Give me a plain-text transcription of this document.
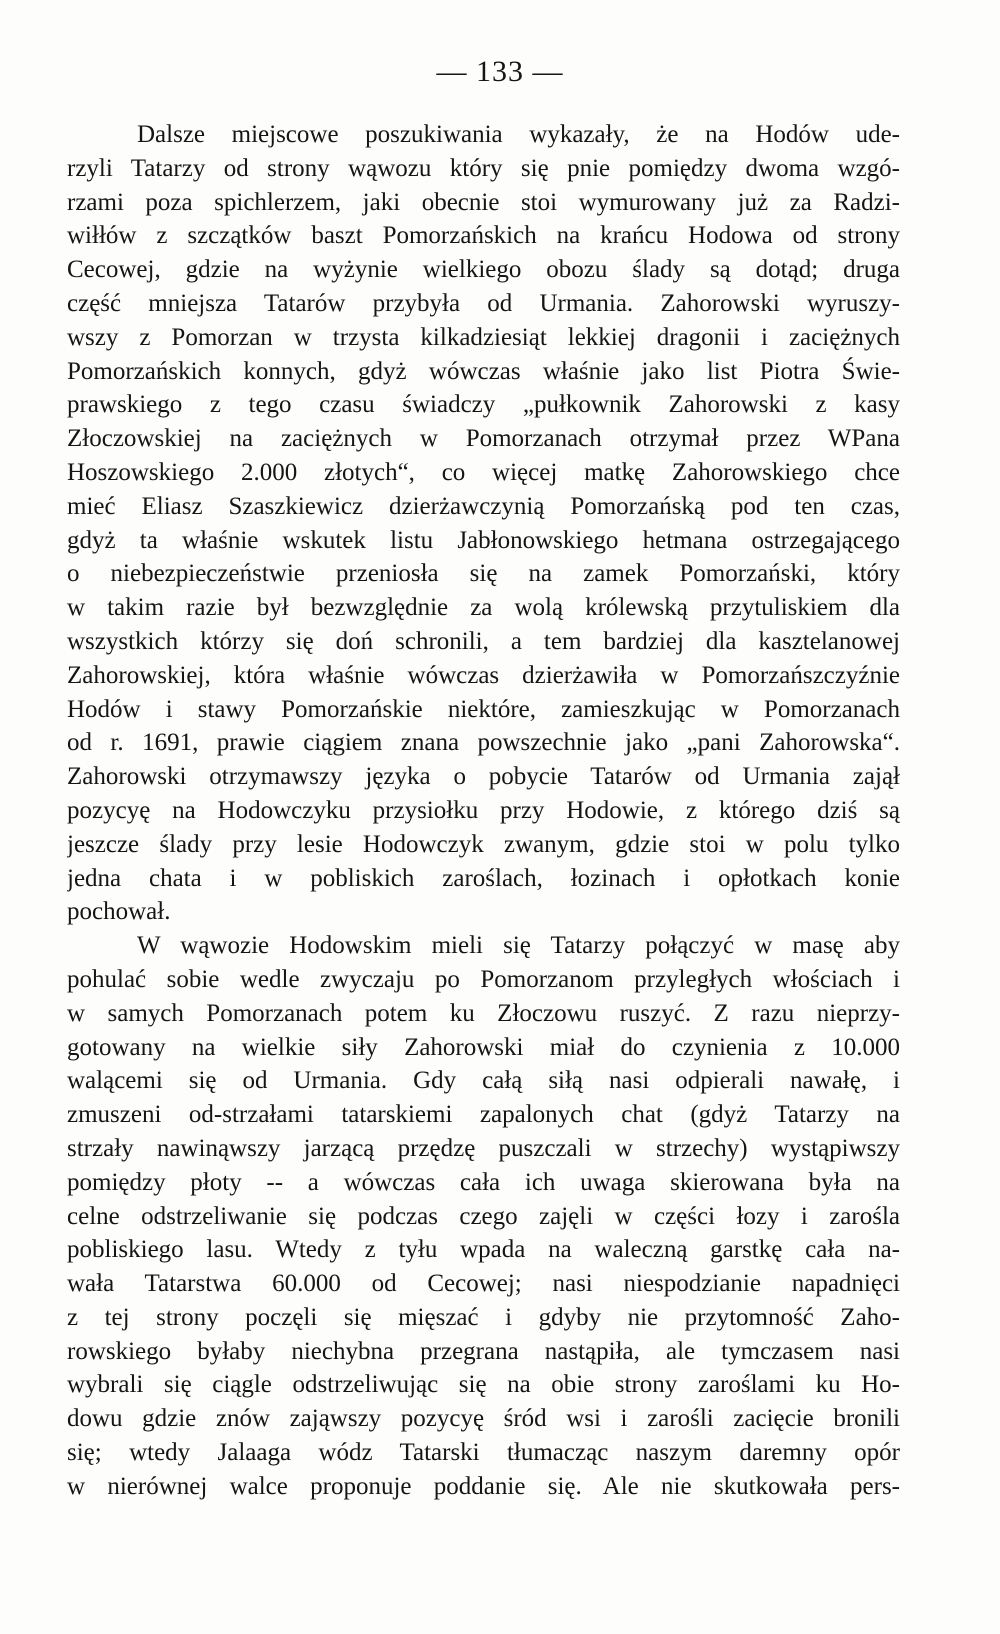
— 133 —
Dalsze miejscowe poszukiwania wykazały, że na Hodów ude-
rzyli Tatarzy od strony wąwozu który się pnie pomiędzy dwoma wzgó-
rzami poza spichlerzem, jaki obecnie stoi wymurowany już za Radzi-
wiłłów z szczątków baszt Pomorzańskich na krańcu Hodowa od strony
Cecowej, gdzie na wyżynie wielkiego obozu ślady są dotąd; druga
część mniejsza Tatarów przybyła od Urmania. Zahorowski wyruszy-
wszy z Pomorzan w trzysta kilkadziesiąt lekkiej dragonii i zaciężnych
Pomorzańskich konnych, gdyż wówczas właśnie jako list Piotra Świe-
prawskiego z tego czasu świadczy „pułkownik Zahorowski z kasy
Złoczowskiej na zaciężnych w Pomorzanach otrzymał przez WPana
Hoszowskiego 2.000 złotych“, co więcej matkę Zahorowskiego chce
mieć Eliasz Szaszkiewicz dzierżawczynią Pomorzańską pod ten czas,
gdyż ta właśnie wskutek listu Jabłonowskiego hetmana ostrzegającego
o niebezpieczeństwie przeniosła się na zamek Pomorzański, który
w takim razie był bezwzględnie za wolą królewską przytuliskiem dla
wszystkich którzy się doń schronili, a tem bardziej dla kasztelanowej
Zahorowskiej, która właśnie wówczas dzierżawiła w Pomorzańszczyźnie
Hodów i stawy Pomorzańskie niektóre, zamieszkując w Pomorzanach
od r. 1691, prawie ciągiem znana powszechnie jako „pani Zahorowska“.
Zahorowski otrzymawszy języka o pobycie Tatarów od Urmania zajął
pozycyę na Hodowczyku przysiołku przy Hodowie, z którego dziś są
jeszcze ślady przy lesie Hodowczyk zwanym, gdzie stoi w polu tylko
jedna chata i w pobliskich zaroślach, łozinach i opłotkach konie
pochował.
W wąwozie Hodowskim mieli się Tatarzy połączyć w masę aby
pohulać sobie wedle zwyczaju po Pomorzanom przyległych włościach i
w samych Pomorzanach potem ku Złoczowu ruszyć. Z razu nieprzy-
gotowany na wielkie siły Zahorowski miał do czynienia z 10.000
walącemi się od Urmania. Gdy całą siłą nasi odpierali nawałę, i
zmuszeni od-strzałami tatarskiemi zapalonych chat (gdyż Tatarzy na
strzały nawinąwszy jarzącą przędzę puszczali w strzechy) wystąpiwszy
pomiędzy płoty -- a wówczas cała ich uwaga skierowana była na
celne odstrzeliwanie się podczas czego zajęli w części łozy i zarośla
pobliskiego lasu. Wtedy z tyłu wpada na waleczną garstkę cała na-
wała Tatarstwa 60.000 od Cecowej; nasi niespodzianie napadnięci
z tej strony poczęli się mięszać i gdyby nie przytomność Zaho-
rowskiego byłaby niechybna przegrana nastąpiła, ale tymczasem nasi
wybrali się ciągle odstrzeliwując się na obie strony zaroślami ku Ho-
dowu gdzie znów zająwszy pozycyę śród wsi i zarośli zacięcie bronili
się; wtedy Jalaaga wódz Tatarski tłumacząc naszym daremny opór
w nierównej walce proponuje poddanie się. Ale nie skutkowała pers-
